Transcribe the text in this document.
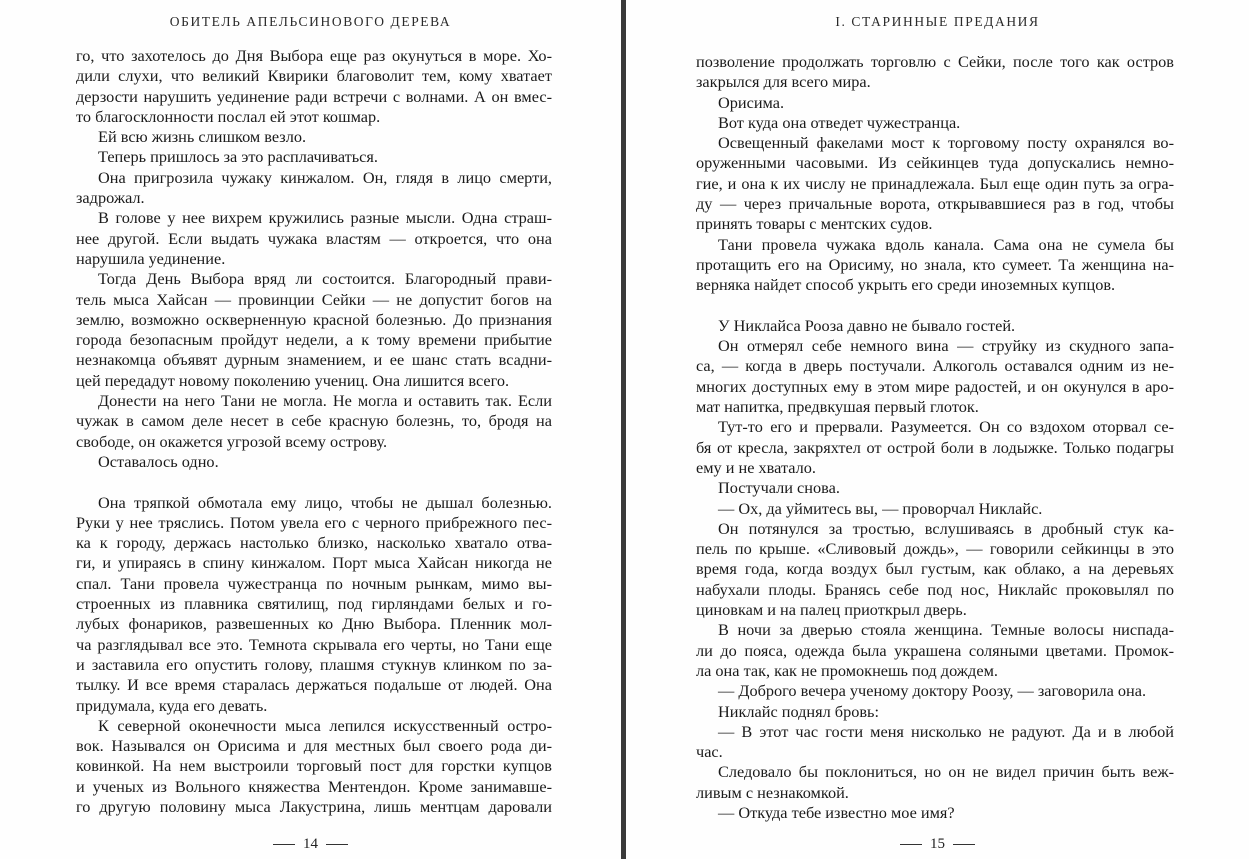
ОБИТЕЛЬ АПЕЛЬСИНОВОГО ДЕРЕВА
го, что захотелось до Дня Выбора еще раз окунуться в море. Хо-
дили слухи, что великий Квирики благоволит тем, кому хватает
дерзости нарушить уединение ради встречи с волнами. А он вмес-
то благосклонности послал ей этот кошмар.
Ей всю жизнь слишком везло.
Теперь пришлось за это расплачиваться.
Она пригрозила чужаку кинжалом. Он, глядя в лицо смерти,
задрожал.
В голове у нее вихрем кружились разные мысли. Одна страш-
нее другой. Если выдать чужака властям — откроется, что она
нарушила уединение.
Тогда День Выбора вряд ли состоится. Благородный прави-
тель мыса Хайсан — провинции Сейки — не допустит богов на
землю, возможно оскверненную красной болезнью. До признания
города безопасным пройдут недели, а к тому времени прибытие
незнакомца объявят дурным знамением, и ее шанс стать всадни-
цей передадут новому поколению учениц. Она лишится всего.
Донести на него Тани не могла. Не могла и оставить так. Если
чужак в самом деле несет в себе красную болезнь, то, бродя на
свободе, он окажется угрозой всему острову.
Оставалось одно.
Она тряпкой обмотала ему лицо, чтобы не дышал болезнью.
Руки у нее тряслись. Потом увела его с черного прибрежного пес-
ка к городу, держась настолько близко, насколько хватало отва-
ги, и упираясь в спину кинжалом. Порт мыса Хайсан никогда не
спал. Тани провела чужестранца по ночным рынкам, мимо вы-
строенных из плавника святилищ, под гирляндами белых и го-
лубых фонариков, развешенных ко Дню Выбора. Пленник мол-
ча разглядывал все это. Темнота скрывала его черты, но Тани еще
и заставила его опустить голову, плашмя стукнув клинком по за-
тылку. И все время старалась держаться подальше от людей. Она
придумала, куда его девать.
К северной оконечности мыса лепился искусственный остро-
вок. Назывался он Орисима и для местных был своего рода ди-
ковинкой. На нем выстроили торговый пост для горстки купцов
и ученых из Вольного княжества Ментендон. Кроме занимавше-
го другую половину мыса Лакустрина, лишь ментцам даровали
14
I. СТАРИННЫЕ ПРЕДАНИЯ
позволение продолжать торговлю с Сейки, после того как остров
закрылся для всего мира.
Орисима.
Вот куда она отведет чужестранца.
Освещенный факелами мост к торговому посту охранялся во-
оруженными часовыми. Из сейкинцев туда допускались немно-
гие, и она к их числу не принадлежала. Был еще один путь за огра-
ду — через причальные ворота, открывавшиеся раз в год, чтобы
принять товары с ментских судов.
Тани провела чужака вдоль канала. Сама она не сумела бы
протащить его на Орисиму, но знала, кто сумеет. Та женщина на-
верняка найдет способ укрыть его среди иноземных купцов.
У Никлайса Рооза давно не бывало гостей.
Он отмерял себе немного вина — струйку из скудного запа-
са, — когда в дверь постучали. Алкоголь оставался одним из не-
многих доступных ему в этом мире радостей, и он окунулся в аро-
мат напитка, предвкушая первый глоток.
Тут-то его и прервали. Разумеется. Он со вздохом оторвал се-
бя от кресла, закряхтел от острой боли в лодыжке. Только подагры
ему и не хватало.
Постучали снова.
— Ох, да уймитесь вы, — проворчал Никлайс.
Он потянулся за тростью, вслушиваясь в дробный стук ка-
пель по крыше. «Сливовый дождь», — говорили сейкинцы в это
время года, когда воздух был густым, как облако, а на деревьях
набухали плоды. Бранясь себе под нос, Никлайс проковылял по
циновкам и на палец приоткрыл дверь.
В ночи за дверью стояла женщина. Темные волосы ниспада-
ли до пояса, одежда была украшена соляными цветами. Промок-
ла она так, как не промокнешь под дождем.
— Доброго вечера ученому доктору Роозу, — заговорила она.
Никлайс поднял бровь:
— В этот час гости меня нисколько не радуют. Да и в любой
час.
Следовало бы поклониться, но он не видел причин быть веж-
ливым с незнакомкой.
— Откуда тебе известно мое имя?
15
